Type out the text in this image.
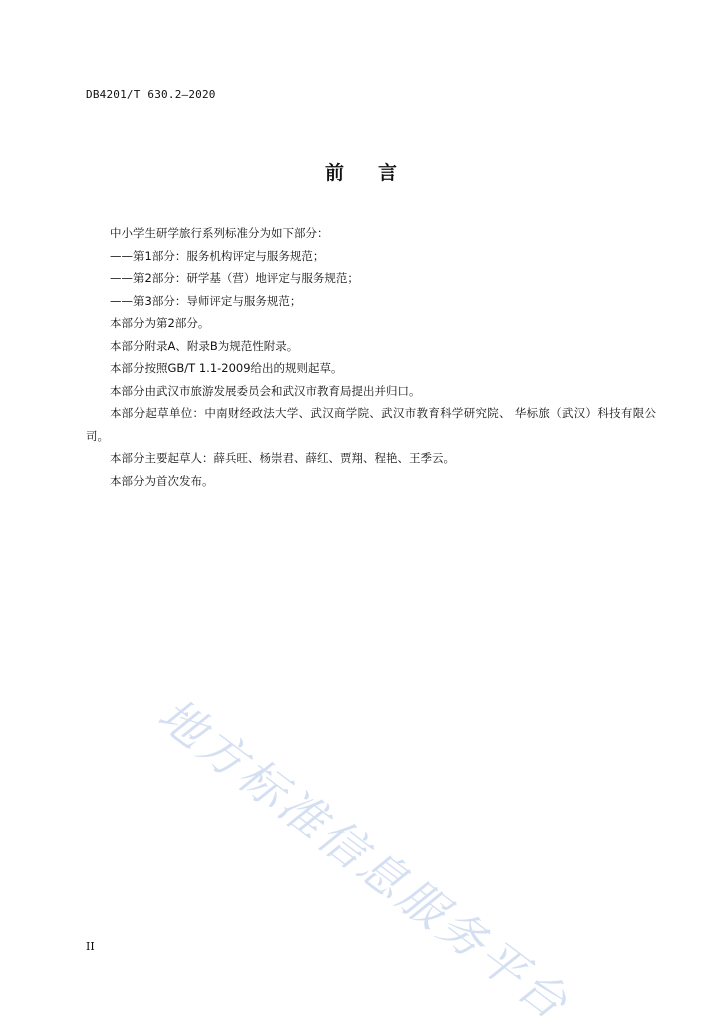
DB4201/T 630.2—2020
前 言

中小学生研学旅行系列标准分为如下部分：

——第1部分：服务机构评定与服务规范；

——第2部分：研学基（营）地评定与服务规范；

——第3部分：导师评定与服务规范；

本部分为第2部分。

本部分附录A、附录B为规范性附录。

本部分按照GB/T 1.1-2009给出的规则起草。

本部分由武汉市旅游发展委员会和武汉市教育局提出并归口。

本部分起草单位：中南财经政法大学、武汉商学院、武汉市教育科学研究院、 华标旅（武汉）科技有限公司。

本部分主要起草人：薛兵旺、杨崇君、薛红、贾翔、程艳、王季云。

本部分为首次发布。

地方标准信息服务平台
II
